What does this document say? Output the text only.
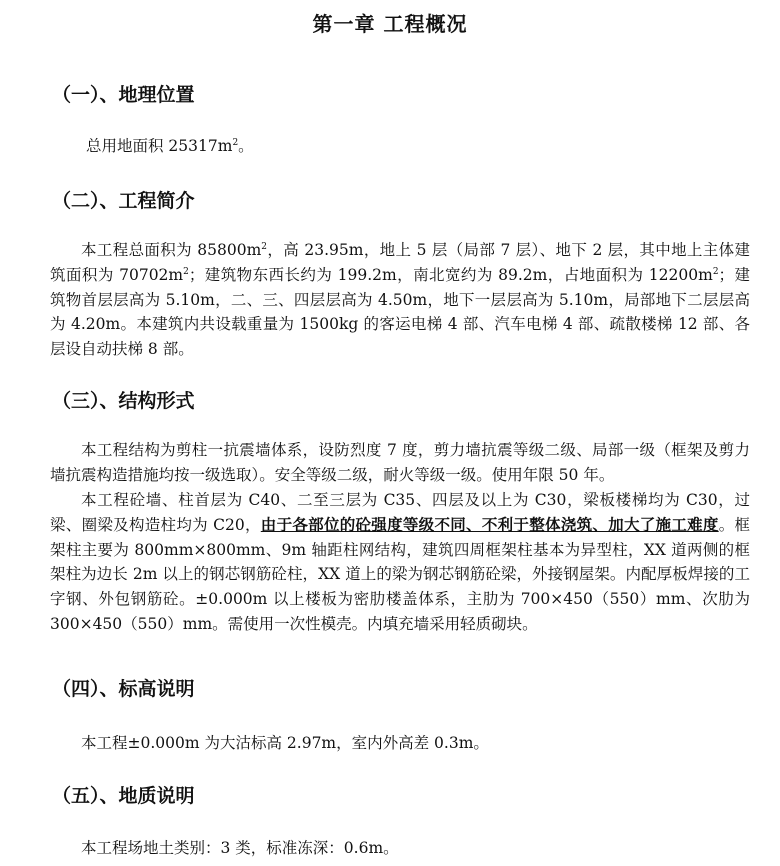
第一章 工程概况
（一）、地理位置
总用地面积 $25317m^2$。
（二）、工程简介
本工程总面积为 $85800m^2$，高 23.95m，地上 5 层（局部 7 层）、地下 2 层，其中地上主体建筑面积为 $70702m^2$；建筑物东西长约为 199.2m，南北宽约为 89.2m，占地面积为 $12200m^2$；建筑物首层层高为 5.10m，二、三、四层层高为 4.50m，地下一层层高为 5.10m，局部地下二层层高为 4.20m。本建筑内共设载重量为 1500kg 的客运电梯 4 部、汽车电梯 4 部、疏散楼梯 12 部、各层设自动扶梯 8 部。
（三）、结构形式
本工程结构为剪柱一抗震墙体系，设防烈度 7 度，剪力墙抗震等级二级、局部一级（框架及剪力墙抗震构造措施均按一级选取）。安全等级二级，耐火等级一级。使用年限 50 年。
本工程砼墙、柱首层为 C40、二至三层为 C35、四层及以上为 C30，梁板楼梯均为 C30，过梁、圈梁及构造柱均为 C20，由于各部位的砼强度等级不同、不利于整体浇筑、加大了施工难度。框架柱主要为 800mm×800mm、9m 轴距柱网结构，建筑四周框架柱基本为异型柱，XX 道两侧的框架柱为边长 2m 以上的钢芯钢筋砼柱，XX 道上的梁为钢芯钢筋砼梁，外接钢屋架。内配厚板焊接的工字钢、外包钢筋砼。±0.000m 以上楼板为密肋楼盖体系，主肋为 700×450（550）mm、次肋为 300×450（550）mm。需使用一次性模壳。内填充墙采用轻质砌块。
（四）、标高说明
本工程±0.000m 为大沽标高 2.97m，室内外高差 0.3m。
（五）、地质说明
本工程场地土类别：3 类，标准冻深：0.6m。
